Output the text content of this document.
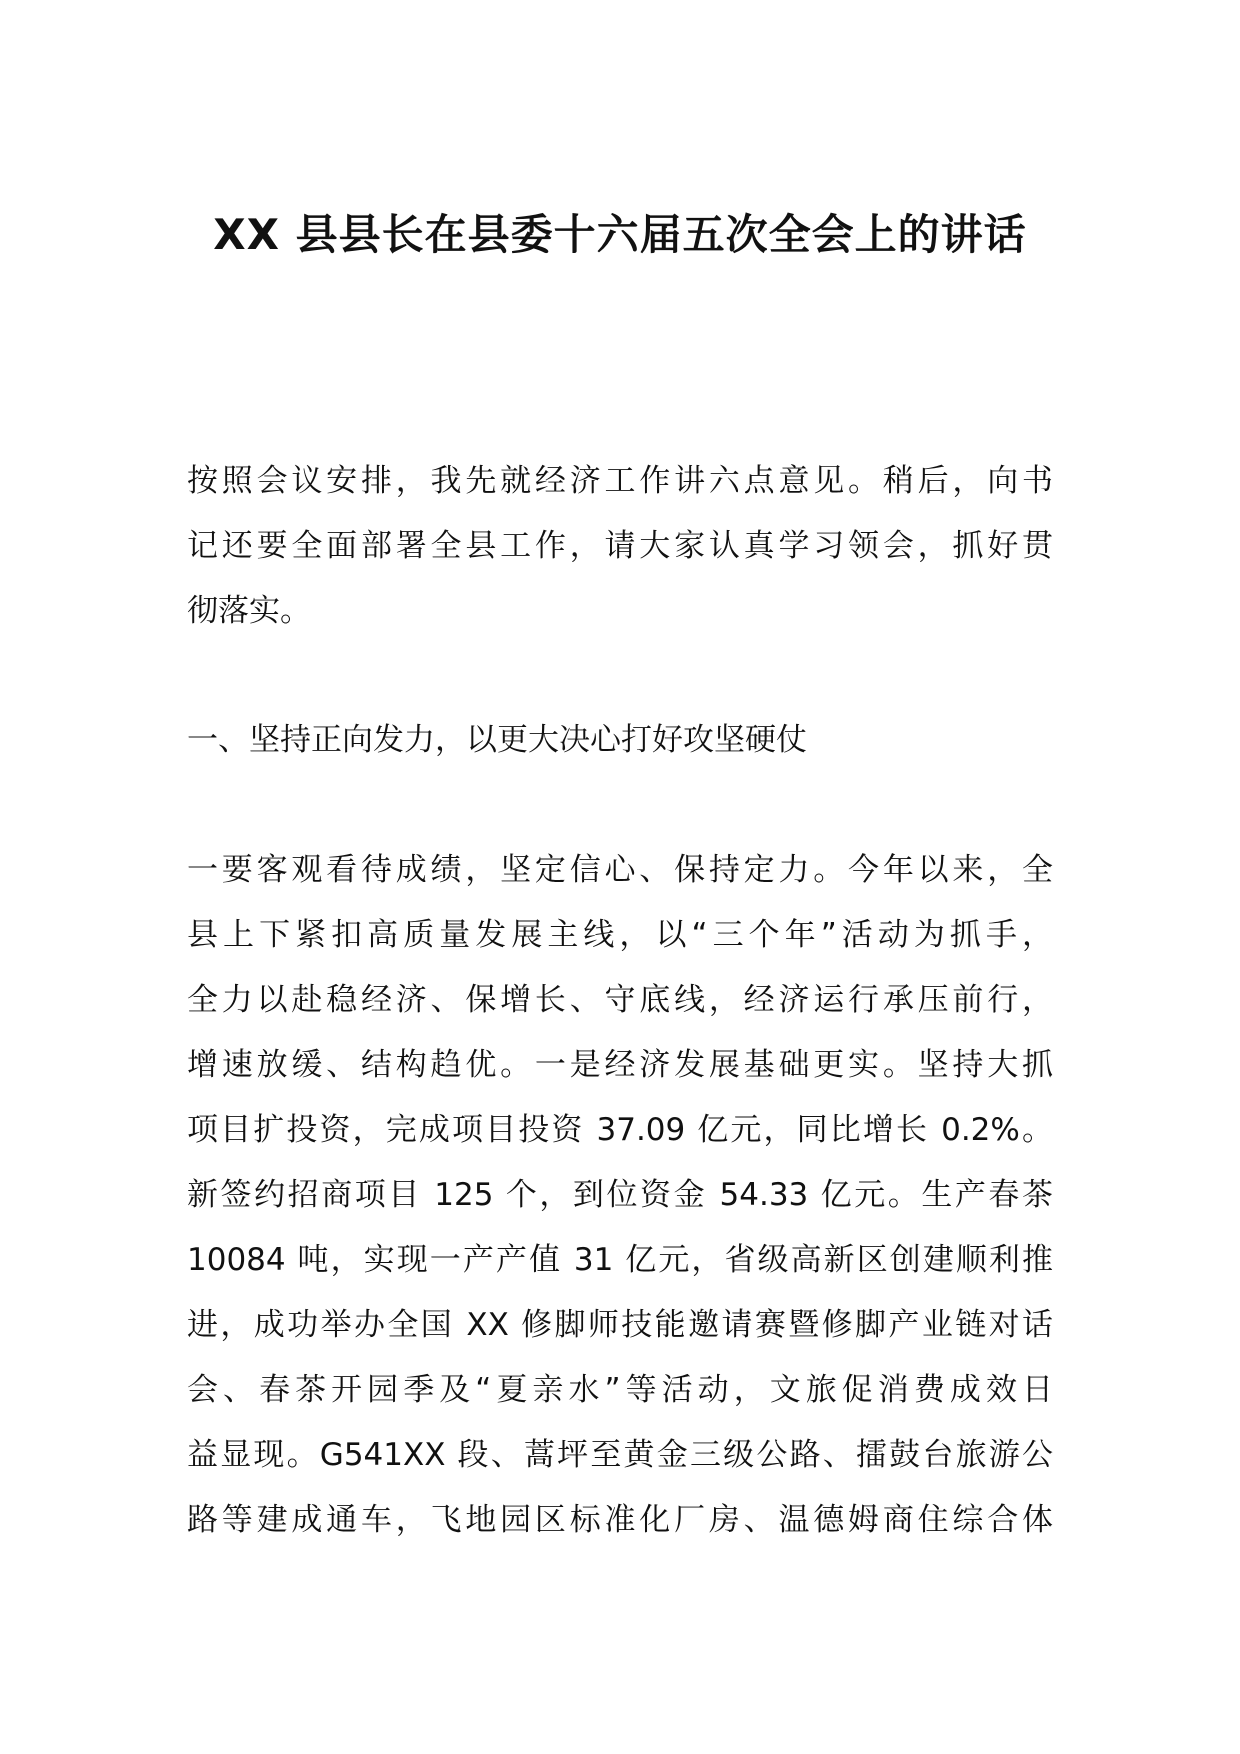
XX 县县长在县委十六届五次全会上的讲话
按照会议安排，我先就经济工作讲六点意见。稍后，向书
记还要全面部署全县工作，请大家认真学习领会，抓好贯
彻落实。
一、坚持正向发力，以更大决心打好攻坚硬仗
一要客观看待成绩，坚定信心、保持定力。今年以来，全
县上下紧扣高质量发展主线，以“三个年”活动为抓手，
全力以赴稳经济、保增长、守底线，经济运行承压前行，
增速放缓、结构趋优。一是经济发展基础更实。坚持大抓
项目扩投资，完成项目投资 37.09 亿元，同比增长 0.2%。
新签约招商项目 125 个，到位资金 54.33 亿元。生产春茶
10084 吨，实现一产产值 31 亿元，省级高新区创建顺利推
进，成功举办全国 XX 修脚师技能邀请赛暨修脚产业链对话
会、春茶开园季及“夏亲水”等活动，文旅促消费成效日
益显现。G541XX 段、蒿坪至黄金三级公路、擂鼓台旅游公
路等建成通车，飞地园区标准化厂房、温德姆商住综合体
